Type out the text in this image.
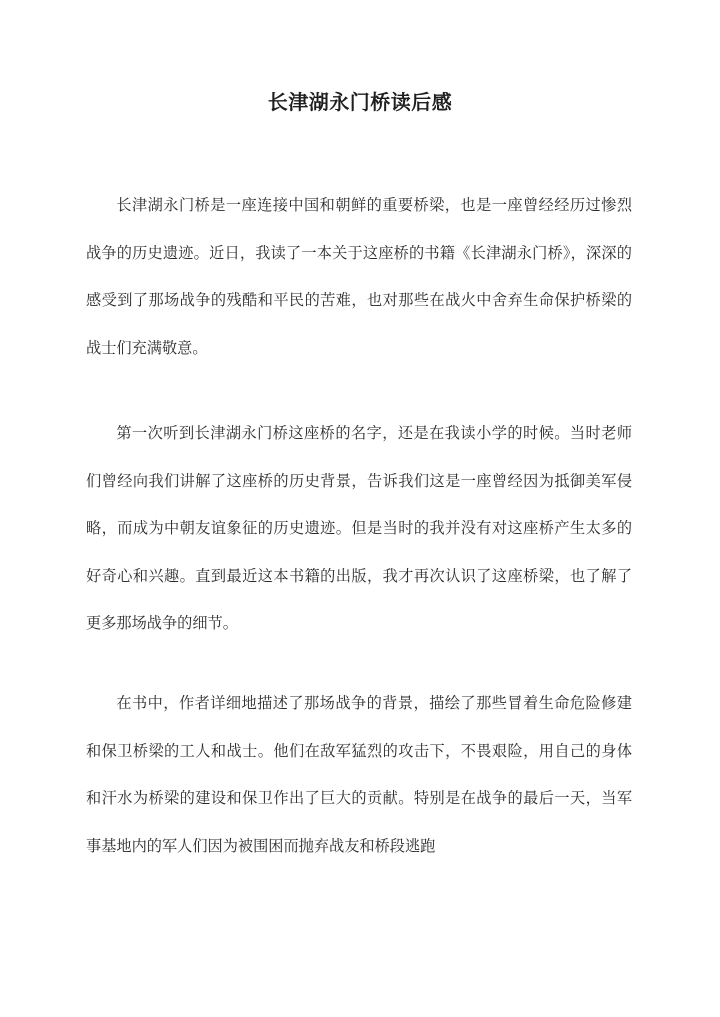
长津湖永门桥读后感

长津湖永门桥是一座连接中国和朝鲜的重要桥梁，也是一座曾经经历过惨烈战争的历史遗迹。近日，我读了一本关于这座桥的书籍《长津湖永门桥》，深深的感受到了那场战争的残酷和平民的苦难，也对那些在战火中舍弃生命保护桥梁的战士们充满敬意。

第一次听到长津湖永门桥这座桥的名字，还是在我读小学的时候。当时老师们曾经向我们讲解了这座桥的历史背景，告诉我们这是一座曾经因为抵御美军侵略，而成为中朝友谊象征的历史遗迹。但是当时的我并没有对这座桥产生太多的好奇心和兴趣。直到最近这本书籍的出版，我才再次认识了这座桥梁，也了解了更多那场战争的细节。

在书中，作者详细地描述了那场战争的背景，描绘了那些冒着生命危险修建和保卫桥梁的工人和战士。他们在敌军猛烈的攻击下，不畏艰险，用自己的身体和汗水为桥梁的建设和保卫作出了巨大的贡献。特别是在战争的最后一天，当军事基地内的军人们因为被围困而抛弃战友和桥段逃跑
